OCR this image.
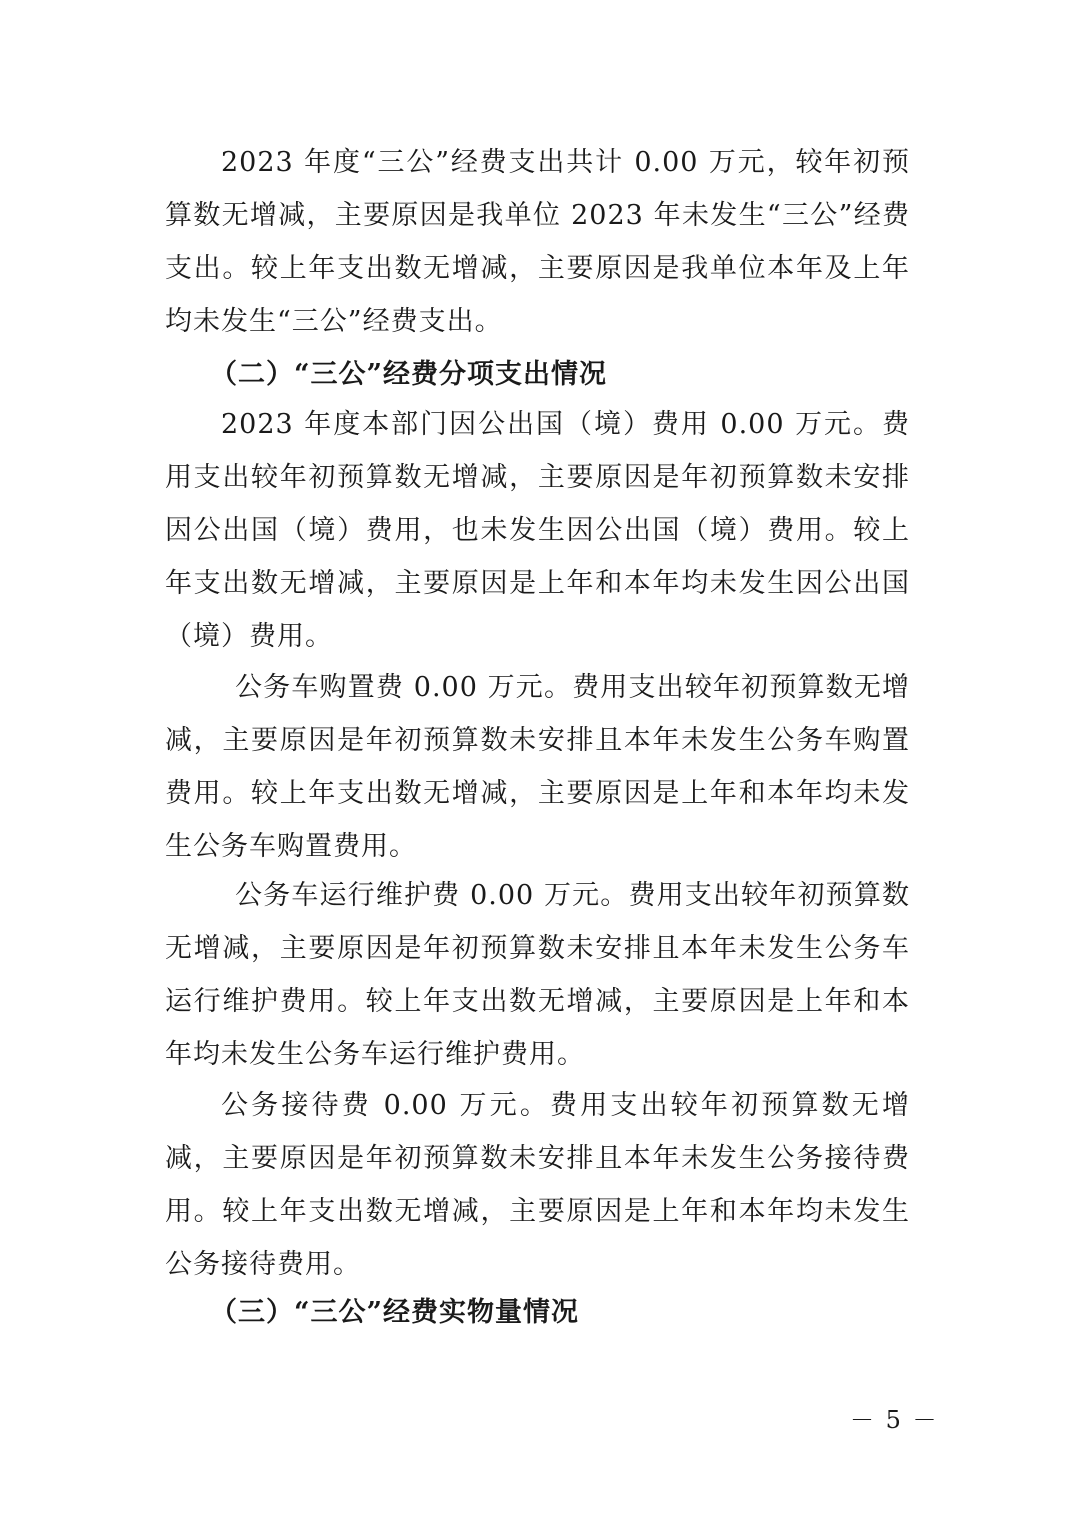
2023 年度“三公”经费支出共计 0.00 万元，较年初预算数无增减，主要原因是我单位 2023 年未发生“三公”经费支出。较上年支出数无增减，主要原因是我单位本年及上年均未发生“三公”经费支出。

（二）“三公”经费分项支出情况

2023 年度本部门因公出国（境）费用 0.00 万元。费用支出较年初预算数无增减，主要原因是年初预算数未安排因公出国（境）费用，也未发生因公出国（境）费用。较上年支出数无增减，主要原因是上年和本年均未发生因公出国（境）费用。

公务车购置费 0.00 万元。费用支出较年初预算数无增减，主要原因是年初预算数未安排且本年未发生公务车购置费用。较上年支出数无增减，主要原因是上年和本年均未发生公务车购置费用。

公务车运行维护费 0.00 万元。费用支出较年初预算数无增减，主要原因是年初预算数未安排且本年未发生公务车运行维护费用。较上年支出数无增减，主要原因是上年和本年均未发生公务车运行维护费用。

公务接待费 0.00 万元。费用支出较年初预算数无增减，主要原因是年初预算数未安排且本年未发生公务接待费用。较上年支出数无增减，主要原因是上年和本年均未发生公务接待费用。

（三）“三公”经费实物量情况

－ 5 －
